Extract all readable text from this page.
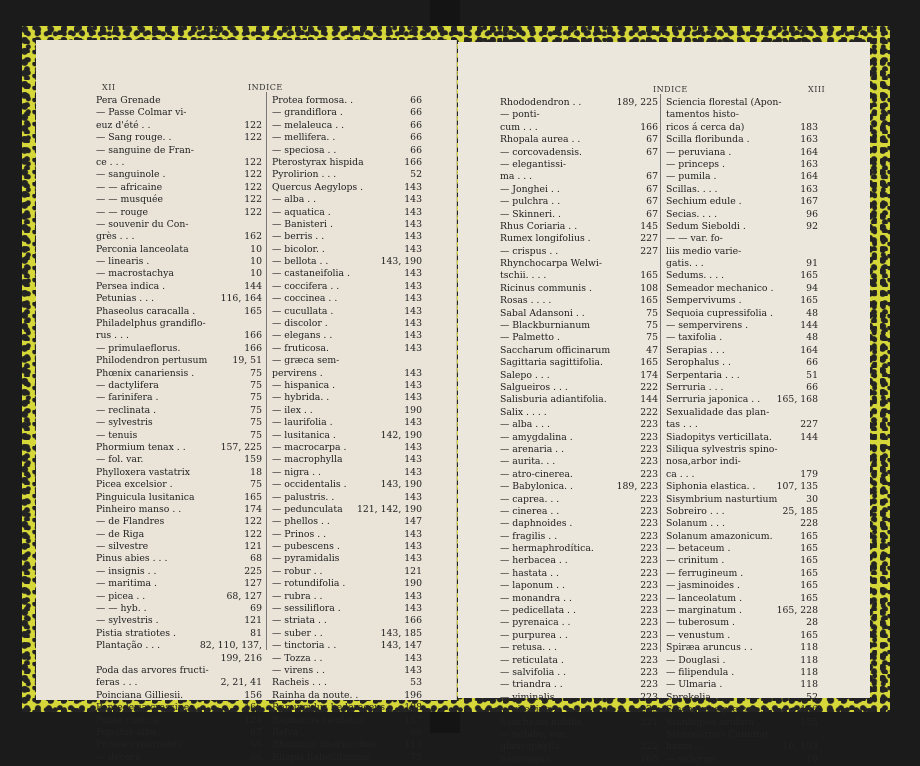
XII	INDICE
Pera Grenade
— Passe Colmar vi-
euz d'été . .	122
— Sang rouge. .	122
— sanguine de Fran-
ce . . .	122
— sanguinole .	122
— — africaine	122
— — musquée	122
— — rouge	122
— souvenir du Con-
grès . . .	162
Perconia lanceolata	10
— linearis .	10
— macrostachya	10
Persea indica .	144
Petunias . . .	116, 164
Phaseolus caracalla .	165
Philadelphus grandiflo-
rus . . .	166
— primulaeflorus.	166
Philodendron pertusum	19, 51
Phœnix canariensis .	75
— dactylifera	75
— farinifera .	75
— reclinata .	75
— sylvestris	75
— tenuis	75
Phormium tenax . .	157, 225
— fol. var.	159
Phylloxera vastatrix	18
Picea excelsior .	75
Pinguicula lusitanica	165
Pinheiro manso . .	174
— de Flandres	122
— de Riga	122
— silvestre	121
Pinus abies . . .	68
— insignis . .	225
— maritima .	127
— picea . .	68, 127
— — hyb. .	69
— sylvestris .	121
Pistia stratiotes .	81
Plantação . . .	82, 110, 137,
199, 216
Poda das arvores fructi-
feras . . .	2, 21, 41
Poinciana Gilliesii.	156
Pontederia crassipes	165
Ponte rustica .	124
Populus alba .	87
Protea cynaroides	66
— decora .	66
Protea formosa. .	66
— grandiflora .	66
— melaleuca . .	66
— mellifera. .	66
— speciosa . .	66
Pterostyrax hispida	166
Pyrolirion . . .	52
Quercus Aegylops .	143
— alba . .	143
— aquatica .	143
— Banisteri .	143
— berris . .	143
— bicolor. .	143
— bellota . .	143, 190
— castaneifolia .	143
— coccifera . .	143
— coccinea . .	143
— cucullata .	143
— discolor .	143
— elegans . .	143
— fruticosa.	143
— græca sem-
pervirens .	143
— hispanica .	143
— hybrida. .	143
— ilex . .	190
— laurifolia .	143
— lusitanica .	142, 190
— macrocarpa .	143
— macrophylla	143
— nigra . .	143
— occidentalis .	143, 190
— palustris. .	143
— pedunculata 121, 142, 190
— phellos . .	147
— Prinos . .	143
— pubescens .	143
— pyramidalis	143
— robur . .	121
— rotundifolia .	190
— rubra . .	143
— sessiliflora .	143
— striata . .	166
— suber . .	143, 185
— tinctoria . .	143, 147
— Tozza . .	143
— virens . .	143
Racheis . . .	53
Rainha da noute. .	196
Ranunculus hederaceus 198
Raphanus caudatus	157
Relva . . .	66
Rhamnus intermedius	113
Rhapis flabelliformis	75
INDICE	XIII
Rhododendron . .	189, 225
— ponti-
cum . . .	166
Rhopala aurea . .	67
— corcovadensis.	67
— elegantissi-
ma . . .	67
— Jonghei . .	67
— pulchra . .	67
— Skinneri. .	67
Rhus Coriaria . .	145
Rumex longifolius .	227
— crispus . .	227
Rhynchocarpa Welwi-
tschii. . . .	165
Ricinus communis .	108
Rosas . . . .	165
Sabal Adansoni . .	75
— Blackburnianum	75
— Palmetto .	75
Saccharum officinarum	47
Sagittaria sagittifolia.	165
Salepo . . .	174
Salgueiros . . .	222
Salisburia adiantifolia.	144
Salix . . . .	222
— alba . . .	223
— amygdalina .	223
— arenaria . .	223
— aurita. . .	223
— atro-cinerea.	223
— Babylonica. .	189, 223
— caprea. . .	223
— cinerea . .	223
— daphnoides .	223
— fragilis . .	223
— hermaphrodítica.	223
— herbacea . .	223
— hastata . .	223
— laponum . .	223
— monandra . .	223
— pedicellata . .	223
— pyrenaica . .	223
— purpurea . .	223
— retusa. . .	223
— reticulata .	223
— salvifolia . .	223
— triandra . .	223
— viminalis . .	223
— vitellina . .	223
Sanchezia nobilis. .	221
— nobilis, var.
glaucophylla .	222
Saxifragas . . .	165
Sciencia florestal (Apon-
tamentos histo-
ricos á cerca da)	183
Scilla floribunda .	163
— peruviana .	164
— princeps .	163
— pumila .	164
Scillas. . . .	163
Sechium edule .	167
Secias. . . .	96
Sedum Sieboldi .	92
— — var. fo-
liis medio varie-
gatis. . .	91
Sedums. . . .	165
Semeador mechanico .	94
Sempervivums .	165
Sequoia cupressifolia .	48
— sempervirens .	144
— taxifolia .	48
Serapias . . .	164
Serophalus . .	66
Serpentaria . . .	51
Serruria . . .	66
Serruria japonica . . 165, 168
Sexualidade das plan-
tas . . .	227
Siadopitys verticillata.	144
Siliqua sylvestris spino-
nosa,arbor indi-
ca . . .	179
Siphonia elastica. . 107, 135
Sisymbrium nasturtium	30
Sobreiro . . .	25, 185
Solanum . . .	228
Solanum amazonicum.	165
— betaceum .	165
— crinitum .	165
— ferrugineum .	165
— jasminoides .	165
— lanceolatum .	165
— marginatum .	165, 228
— tuberosum .	28
— venustum .	165
Spiræa aruncus . .	118
— Douglasi .	118
— filipendula .	118
— Ulmaria .	118
Sprekelia . . .	52
Stachyurus præcox .	166
Stanhopea oculata .	155
Stenocarpus Cunning-
hamii . . .	10, 193
— saligum .	10
